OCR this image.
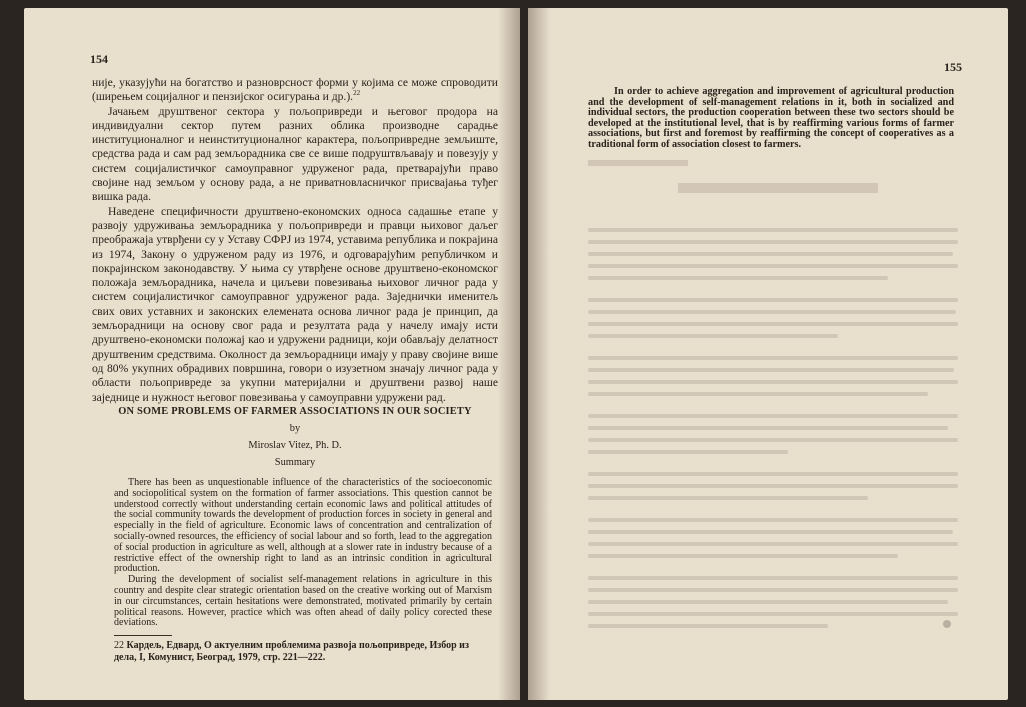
154

није, указујући на богатство и разноврсност форми у којима се може спроводити (ширењем социјалног и пензијског осигурања и др.).$^{22}$

Јачањем друштвеног сектора у пољопривреди и његовог продора на индивидуални сектор путем разних облика производне сарадње институционалног и неинституционалног карактера, пољопривредне земљиште, средства рада и сам рад земљорадника све се више подруштвљавају и повезују у систем социјалистичког самоуправног удруженог рада, претварајући право својине над земљом у основу рада, а не приватновласничког присвајања туђег вишка рада.

Наведене специфичности друштвено-економских односа садашње етапе у развоју удруживања земљорадника у пољопривреди и правци њиховог даљег преображаја утврђени су у Уставу СФРЈ из 1974, уставима република и покрајина из 1974, Закону о удруженом раду из 1976, и одговарајућим републичком и покрајинском законодавству. У њима су утврђене основе друштвено-економског положаја земљорадника, начела и циљеви повезивања њиховог личног рада у систем социјалистичког самоуправног удруженог рада. Заједнички именитељ свих ових уставних и законских елемената основа личног рада је принцип, да земљорадници на основу свог рада и резултата рада у начелу имају исти друштвено-економски положај као и удружени радници, који обављају делатност друштвеним средствима. Околност да земљорадници имају у праву својине више од 80% укупних обрадивих површина, говори о изузетном значају личног рада у области пољопривреде за укупни материјални и друштвени развој наше заједнице и нужност његовог повезивања у самоуправни удружени рад.

ON SOME PROBLEMS OF FARMER ASSOCIATIONS IN OUR SOCIETY
by
Miroslav Vitez, Ph. D.
Summary

There has been as unquestionable influence of the characteristics of the socioeconomic and sociopolitical system on the formation of farmer associations. This question cannot be understood correctly without understanding certain economic laws and political attitudes of the social community towards the development of production forces in society in general and especially in the field of agriculture. Economic laws of concentration and centralization of socially-owned resources, the efficiency of social labour and so forth, lead to the aggregation of social production in agriculture as well, although at a slower rate in industry because of a restrictive effect of the ownership right to land as an intrinsic condition in agricultural production.

During the development of socialist self-management relations in agriculture in this country and despite clear strategic orientation based on the creative working out of Marxism in our circumstances, certain hesitations were demonstrated, motivated primarily by certain political reasons. However, practice which was often ahead of daily policy corected these deviations.

22 Кардељ, Едвард, О актуелним проблемима развоја пољопривреде, Избор из дела, I, Комунист, Београд, 1979, стр. 221—222.
155

In order to achieve aggregation and improvement of agricultural production and the development of self-management relations in it, both in socialized and individual sectors, the production cooperation between these two sectors should be developed at the institutional level, that is by reaffirming various forms of farmer associations, but first and foremost by reaffirming the concept of cooperatives as a traditional form of association closest to farmers.
